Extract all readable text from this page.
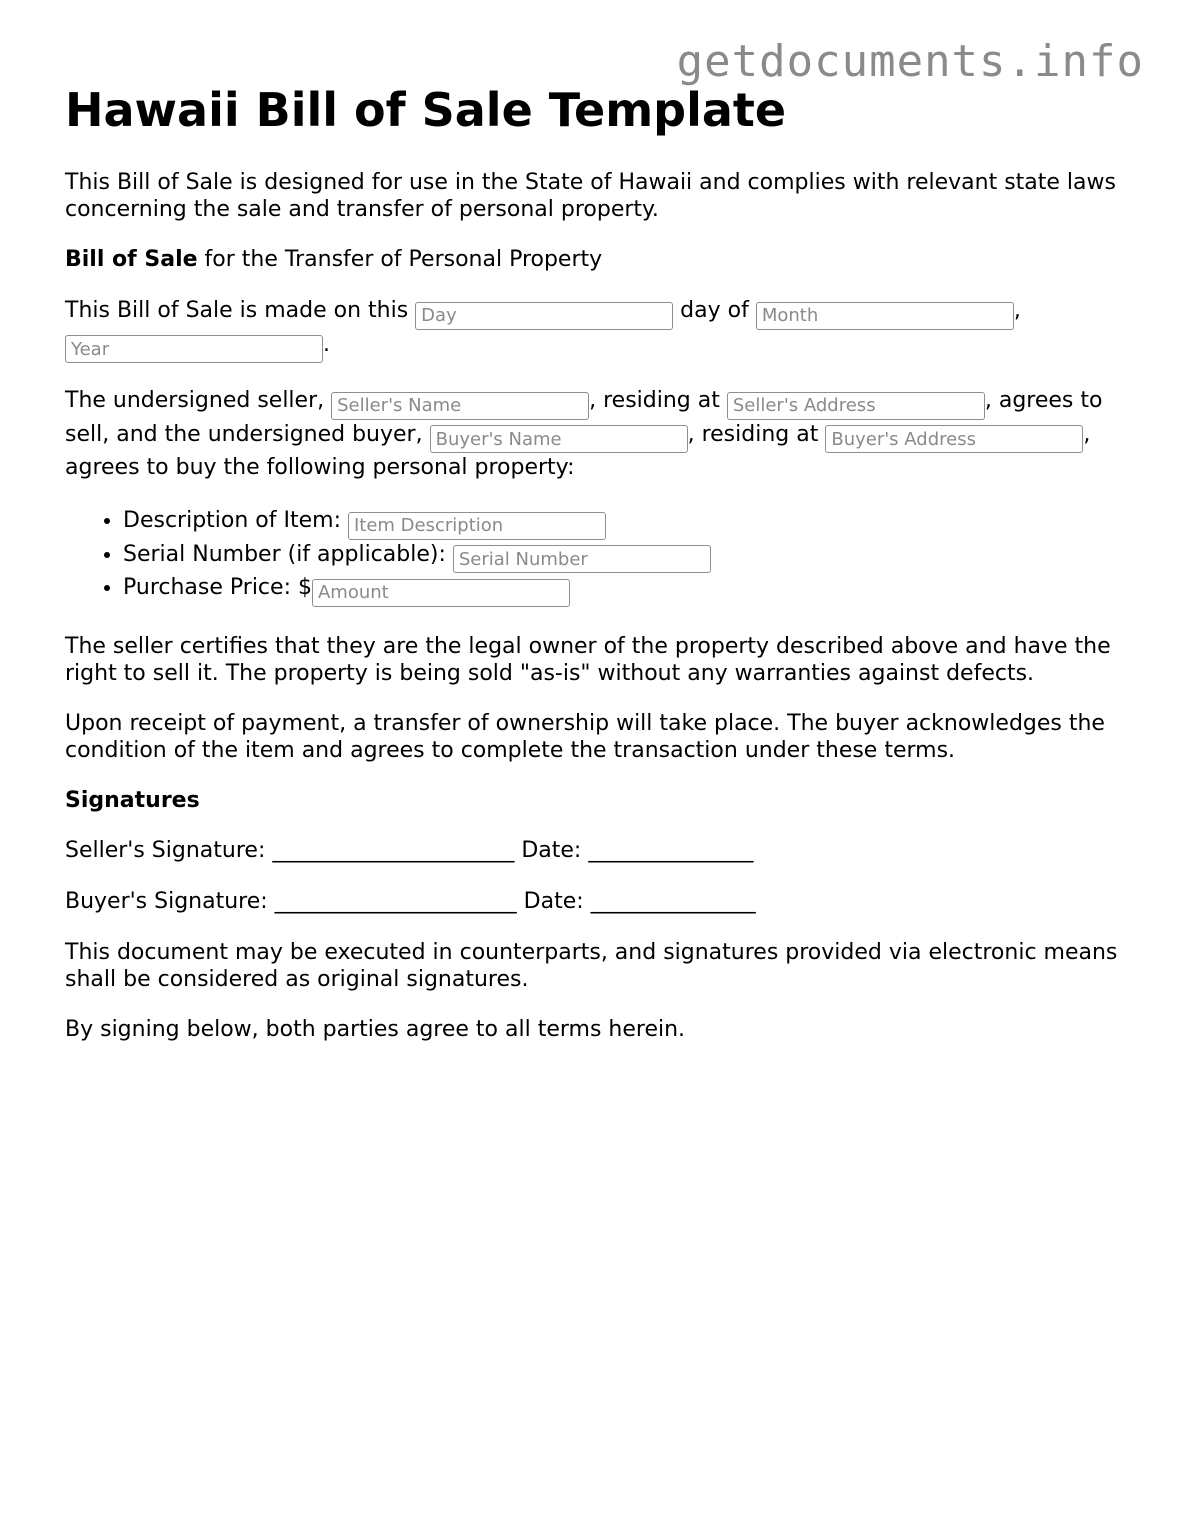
getdocuments.info
Hawaii Bill of Sale Template

This Bill of Sale is designed for use in the State of Hawaii and complies with relevant state laws concerning the sale and transfer of personal property.

Bill of Sale for the Transfer of Personal Property

This Bill of Sale is made on this Day	day of Month	,Year.
The undersigned seller, Seller's Name	, residing at Seller's Address	, agrees to sell, and the undersigned buyer, Buyer's Name	, residing at Buyer's Address	, agrees to buy the following personal property:
• Description of Item: Item Description
• Serial Number (if applicable): Serial Number
• Purchase Price: $Amount

The seller certifies that they are the legal owner of the property described above and have the right to sell it. The property is being sold "as-is" without any warranties against defects.

Upon receipt of payment, a transfer of ownership will take place. The buyer acknowledges the condition of the item and agrees to complete the transaction under these terms.

Signatures

Seller's Signature: ______________________ Date: _______________

Buyer's Signature: ______________________ Date: _______________

This document may be executed in counterparts, and signatures provided via electronic means shall be considered as original signatures.

By signing below, both parties agree to all terms herein.
